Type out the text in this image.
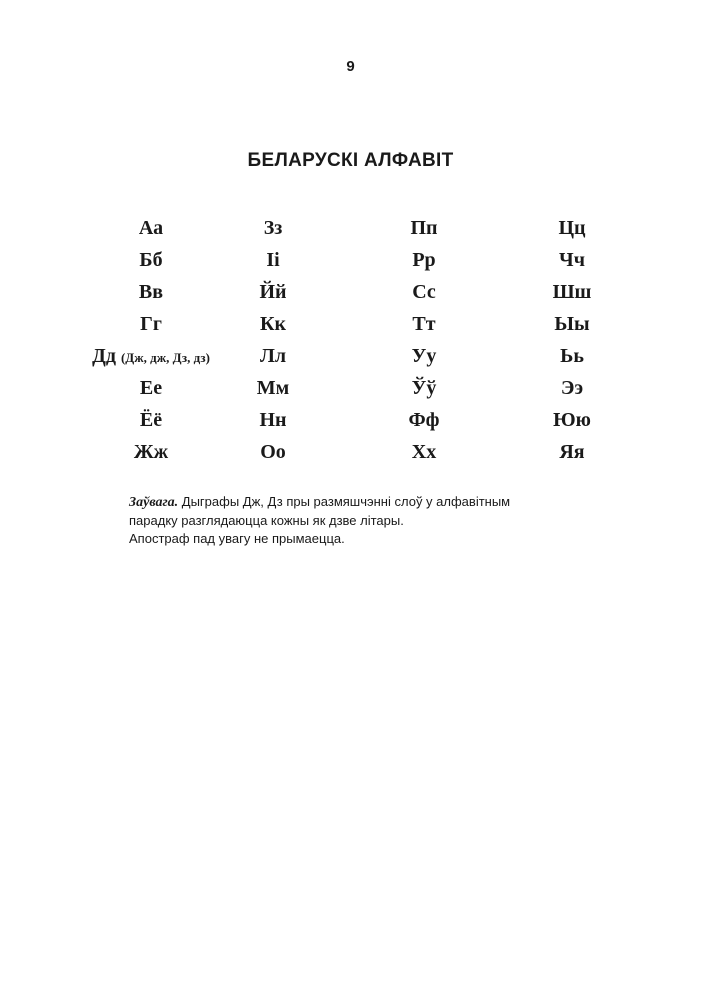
9
БЕЛАРУСКІ АЛФАВІТ
Аа
Бб
Вв
Гг
Дд (Дж, дж, Дз, дз)
Ее
Ёё
Жж
Зз
Іі
Йй
Кк
Лл
Мм
Нн
Оо
Пп
Рр
Сс
Тт
Уу
Ўў
Фф
Хх
Цц
Чч
Шш
Ыы
Ьь
Ээ
Юю
Яя

Заўвага. Дыграфы Дж, Дз пры размяшчэнні слоў у алфавітным

парадку разглядаюцца кожны як дзве літары.

Апостраф пад увагу не прымаецца.
